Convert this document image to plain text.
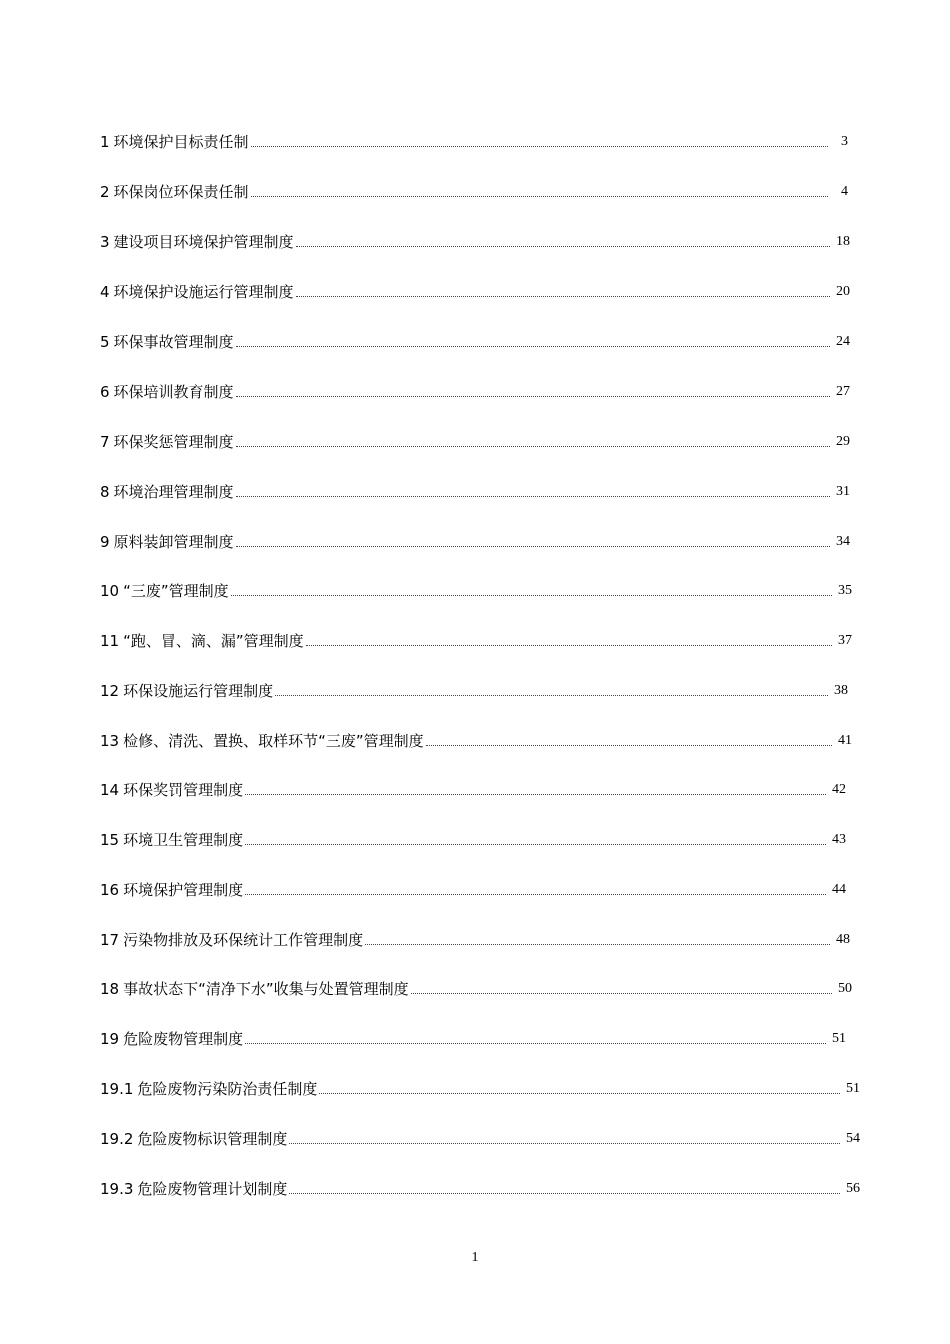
1 环境保护目标责任制	3
2 环保岗位环保责任制	4
3 建设项目环境保护管理制度	18
4 环境保护设施运行管理制度	20
5 环保事故管理制度	24
6 环保培训教育制度	27
7 环保奖惩管理制度	29
8 环境治理管理制度	31
9 原料装卸管理制度	34
10 “三废”管理制度	35
11 “跑、冒、滴、漏”管理制度	37
12 环保设施运行管理制度	38
13 检修、清洗、置换、取样环节“三废”管理制度	41
14 环保奖罚管理制度	42
15 环境卫生管理制度	43
16 环境保护管理制度	44
17 污染物排放及环保统计工作管理制度	48
18 事故状态下“清净下水”收集与处置管理制度	50
19 危险废物管理制度	51
19.1 危险废物污染防治责任制度	51
19.2 危险废物标识管理制度	54
19.3 危险废物管理计划制度	56
1
